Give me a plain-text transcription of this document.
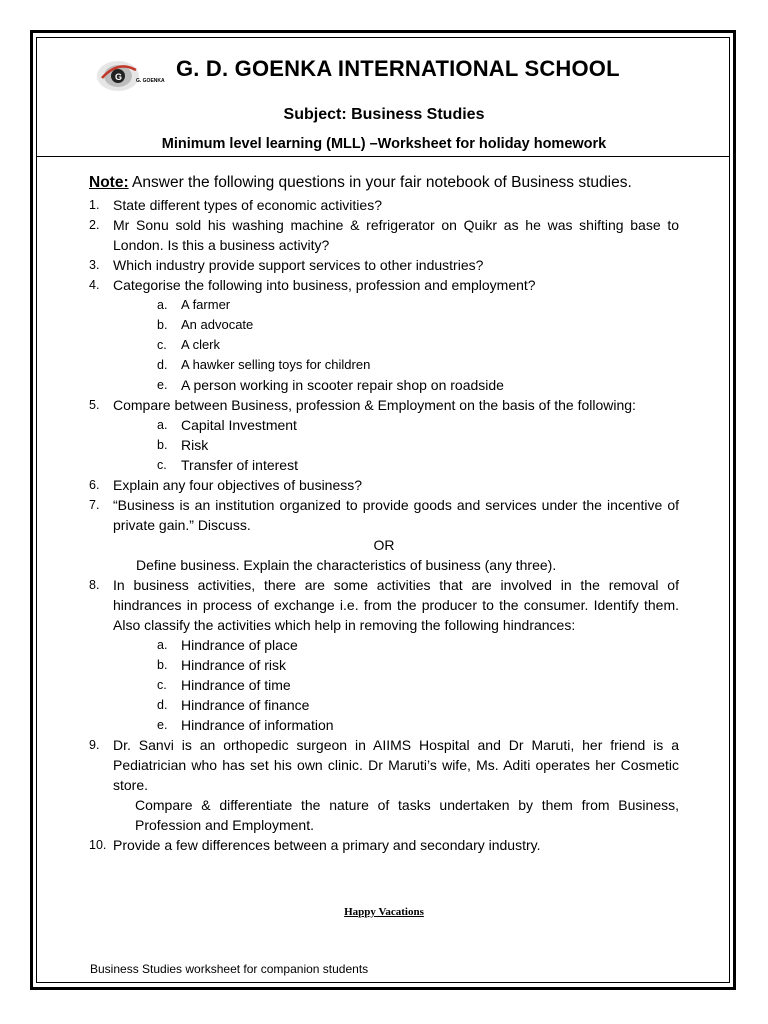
G	G. GOENKA G. D. GOENKA INTERNATIONAL SCHOOL
Subject: Business Studies
Minimum level learning (MLL) –Worksheet for holiday homework
Note: Answer the following questions in your fair notebook of Business studies.
1. State different types of economic activities?
2. Mr Sonu sold his washing machine & refrigerator on Quikr as he was shifting base to London. Is this a business activity?
3. Which industry provide support services to other industries?
4. Categorise the following into business, profession and employment?
a.	A farmer
b.	An advocate
c.	A clerk
d.	A hawker selling toys for children
e. A person working in scooter repair shop on roadside
5. Compare between Business, profession & Employment on the basis of the following:
a. Capital Investment
b. Risk
c.	Transfer of interest
6. Explain any four objectives of business?
7. “Business is an institution organized to provide goods and services under the incentive of private gain.” Discuss.
OR
Define business. Explain the characteristics of business (any three).
8. In business activities, there are some activities that are involved in the removal of hindrances in process of exchange i.e. from the producer to the consumer. Identify them. Also classify the activities which help in removing the following hindrances:
a. Hindrance of place
b. Hindrance of risk
c.	Hindrance of time
d. Hindrance of finance
e. Hindrance of information
9. Dr. Sanvi is an orthopedic surgeon in AIIMS Hospital and Dr Maruti, her friend is a Pediatrician who has set his own clinic. Dr Maruti’s wife, Ms. Aditi operates her Cosmetic store.
Compare & differentiate the nature of tasks undertaken by them from Business, Profession and Employment.
10. Provide a few differences between a primary and secondary industry.
Happy Vacations
Business Studies worksheet for companion students
